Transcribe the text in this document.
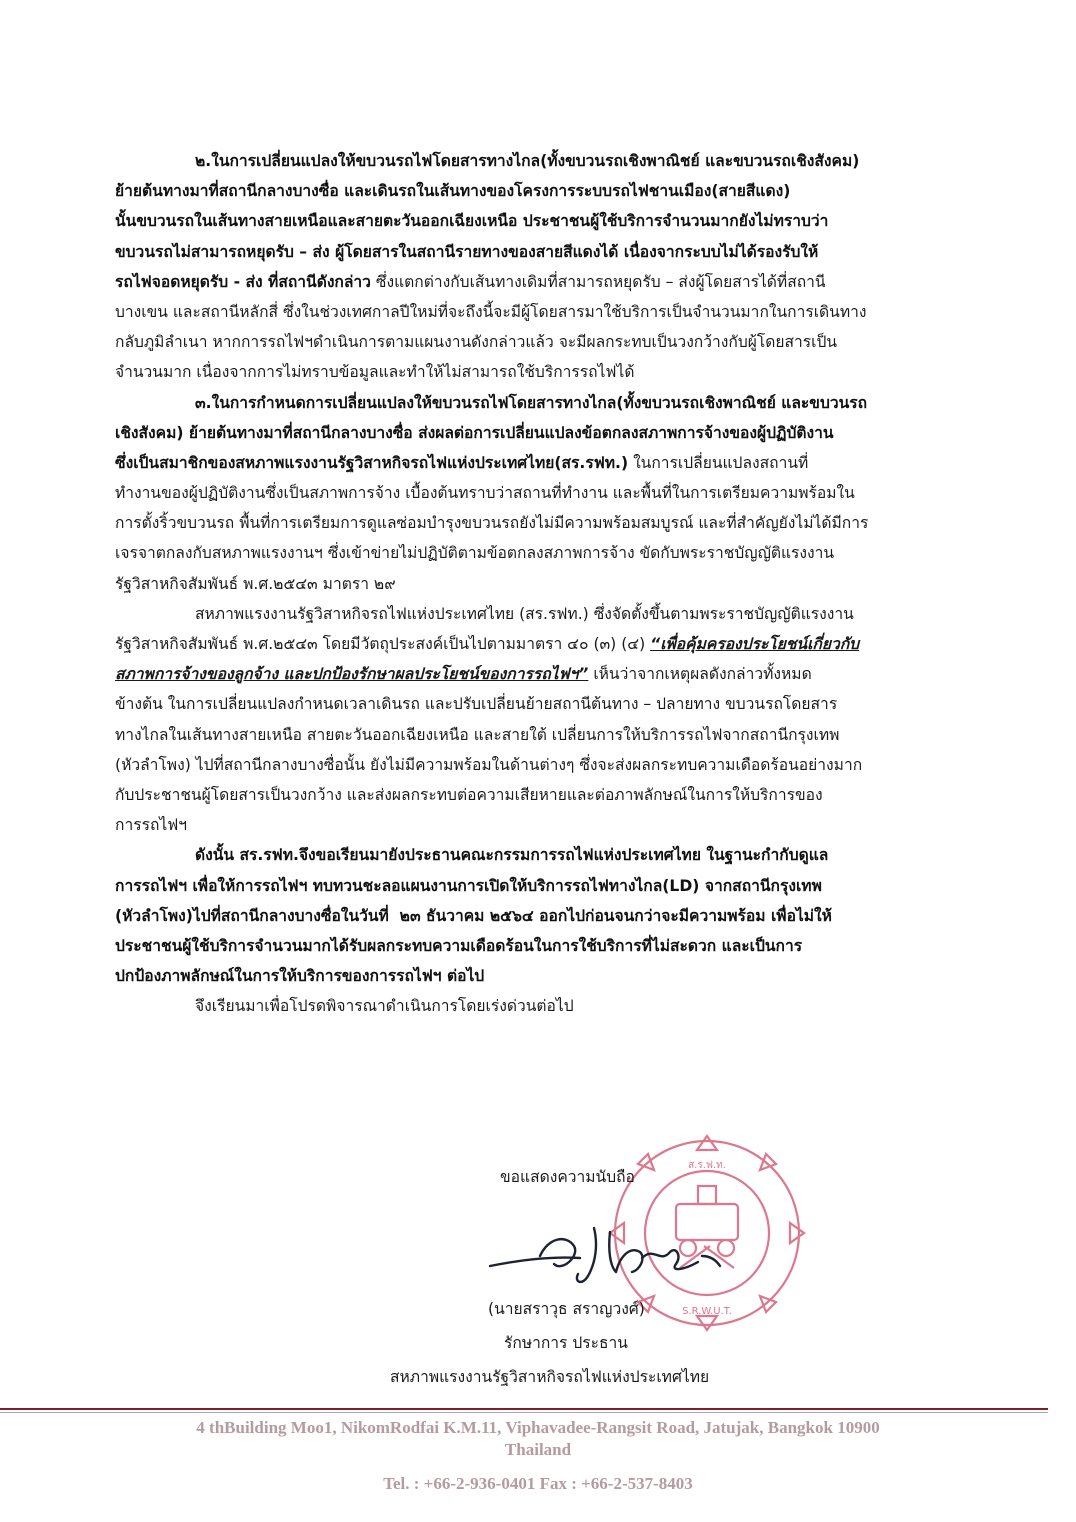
๒.ในการเปลี่ยนแปลงให้ขบวนรถไฟโดยสารทางไกล(ทั้งขบวนรถเชิงพาณิชย์ และขบวนรถเชิงสังคม)
ย้ายต้นทางมาที่สถานีกลางบางซื่อ และเดินรถในเส้นทางของโครงการระบบรถไฟชานเมือง(สายสีแดง)
นั้นขบวนรถในเส้นทางสายเหนือและสายตะวันออกเฉียงเหนือ ประชาชนผู้ใช้บริการจำนวนมากยังไม่ทราบว่า
ขบวนรถไม่สามารถหยุดรับ – ส่ง ผู้โดยสารในสถานีรายทางของสายสีแดงได้ เนื่องจากระบบไม่ได้รองรับให้
รถไฟจอดหยุดรับ - ส่ง ที่สถานีดังกล่าว ซึ่งแตกต่างกับเส้นทางเดิมที่สามารถหยุดรับ – ส่งผู้โดยสารได้ที่สถานี
บางเขน และสถานีหลักสี่ ซึ่งในช่วงเทศกาลปีใหม่ที่จะถึงนี้จะมีผู้โดยสารมาใช้บริการเป็นจำนวนมากในการเดินทาง
กลับภูมิลำเนา หากการรถไฟฯดำเนินการตามแผนงานดังกล่าวแล้ว จะมีผลกระทบเป็นวงกว้างกับผู้โดยสารเป็น
จำนวนมาก เนื่องจากการไม่ทราบข้อมูลและทำให้ไม่สามารถใช้บริการรถไฟได้
๓.ในการกำหนดการเปลี่ยนแปลงให้ขบวนรถไฟโดยสารทางไกล(ทั้งขบวนรถเชิงพาณิชย์ และขบวนรถ
เชิงสังคม) ย้ายต้นทางมาที่สถานีกลางบางซื่อ ส่งผลต่อการเปลี่ยนแปลงข้อตกลงสภาพการจ้างของผู้ปฏิบัติงาน
ซึ่งเป็นสมาชิกของสหภาพแรงงานรัฐวิสาหกิจรถไฟแห่งประเทศไทย(สร.รฟท.) ในการเปลี่ยนแปลงสถานที่
ทำงานของผู้ปฏิบัติงานซึ่งเป็นสภาพการจ้าง เบื้องต้นทราบว่าสถานที่ทำงาน และพื้นที่ในการเตรียมความพร้อมใน
การตั้งริ้วขบวนรถ พื้นที่การเตรียมการดูแลซ่อมบำรุงขบวนรถยังไม่มีความพร้อมสมบูรณ์ และที่สำคัญยังไม่ได้มีการ
เจรจาตกลงกับสหภาพแรงงานฯ ซึ่งเข้าข่ายไม่ปฏิบัติตามข้อตกลงสภาพการจ้าง ขัดกับพระราชบัญญัติแรงงาน
รัฐวิสาหกิจสัมพันธ์ พ.ศ.๒๕๔๓ มาตรา ๒๙
สหภาพแรงงานรัฐวิสาหกิจรถไฟแห่งประเทศไทย (สร.รฟท.) ซึ่งจัดตั้งขึ้นตามพระราชบัญญัติแรงงาน
รัฐวิสาหกิจสัมพันธ์ พ.ศ.๒๕๔๓ โดยมีวัตถุประสงค์เป็นไปตามมาตรา ๔๐ (๓) (๔) “เพื่อคุ้มครองประโยชน์เกี่ยวกับ
สภาพการจ้างของลูกจ้าง และปกป้องรักษาผลประโยชน์ของการรถไฟฯ” เห็นว่าจากเหตุผลดังกล่าวทั้งหมด
ข้างต้น ในการเปลี่ยนแปลงกำหนดเวลาเดินรถ และปรับเปลี่ยนย้ายสถานีต้นทาง – ปลายทาง ขบวนรถโดยสาร
ทางไกลในเส้นทางสายเหนือ สายตะวันออกเฉียงเหนือ และสายใต้ เปลี่ยนการให้บริการรถไฟจากสถานีกรุงเทพ
(หัวลำโพง) ไปที่สถานีกลางบางซื่อนั้น ยังไม่มีความพร้อมในด้านต่างๆ ซึ่งจะส่งผลกระทบความเดือดร้อนอย่างมาก
กับประชาชนผู้โดยสารเป็นวงกว้าง และส่งผลกระทบต่อความเสียหายและต่อภาพลักษณ์ในการให้บริการของ
การรถไฟฯ
ดังนั้น สร.รฟท.จึงขอเรียนมายังประธานคณะกรรมการรถไฟแห่งประเทศไทย ในฐานะกำกับดูแล
การรถไฟฯ เพื่อให้การรถไฟฯ ทบทวนชะลอแผนงานการเปิดให้บริการรถไฟทางไกล(LD) จากสถานีกรุงเทพ
(หัวลำโพง)ไปที่สถานีกลางบางซื่อในวันที่  ๒๓ ธันวาคม ๒๕๖๔ ออกไปก่อนจนกว่าจะมีความพร้อม เพื่อไม่ให้
ประชาชนผู้ใช้บริการจำนวนมากได้รับผลกระทบความเดือดร้อนในการใช้บริการที่ไม่สะดวก และเป็นการ
ปกป้องภาพลักษณ์ในการให้บริการของการรถไฟฯ ต่อไป
จึงเรียนมาเพื่อโปรดพิจารณาดำเนินการโดยเร่งด่วนต่อไป
ส.ร.ฟ.ท.
S.R.W.U.T.
ขอแสดงความนับถือ
(นายสราวุธ สราญวงศ์)
รักษาการ ประธาน
สหภาพแรงงานรัฐวิสาหกิจรถไฟแห่งประเทศไทย
4 thBuilding Moo1, NikomRodfai K.M.11, Viphavadee-Rangsit Road, Jatujak, Bangkok 10900
Thailand
Tel. : +66-2-936-0401 Fax : +66-2-537-8403
